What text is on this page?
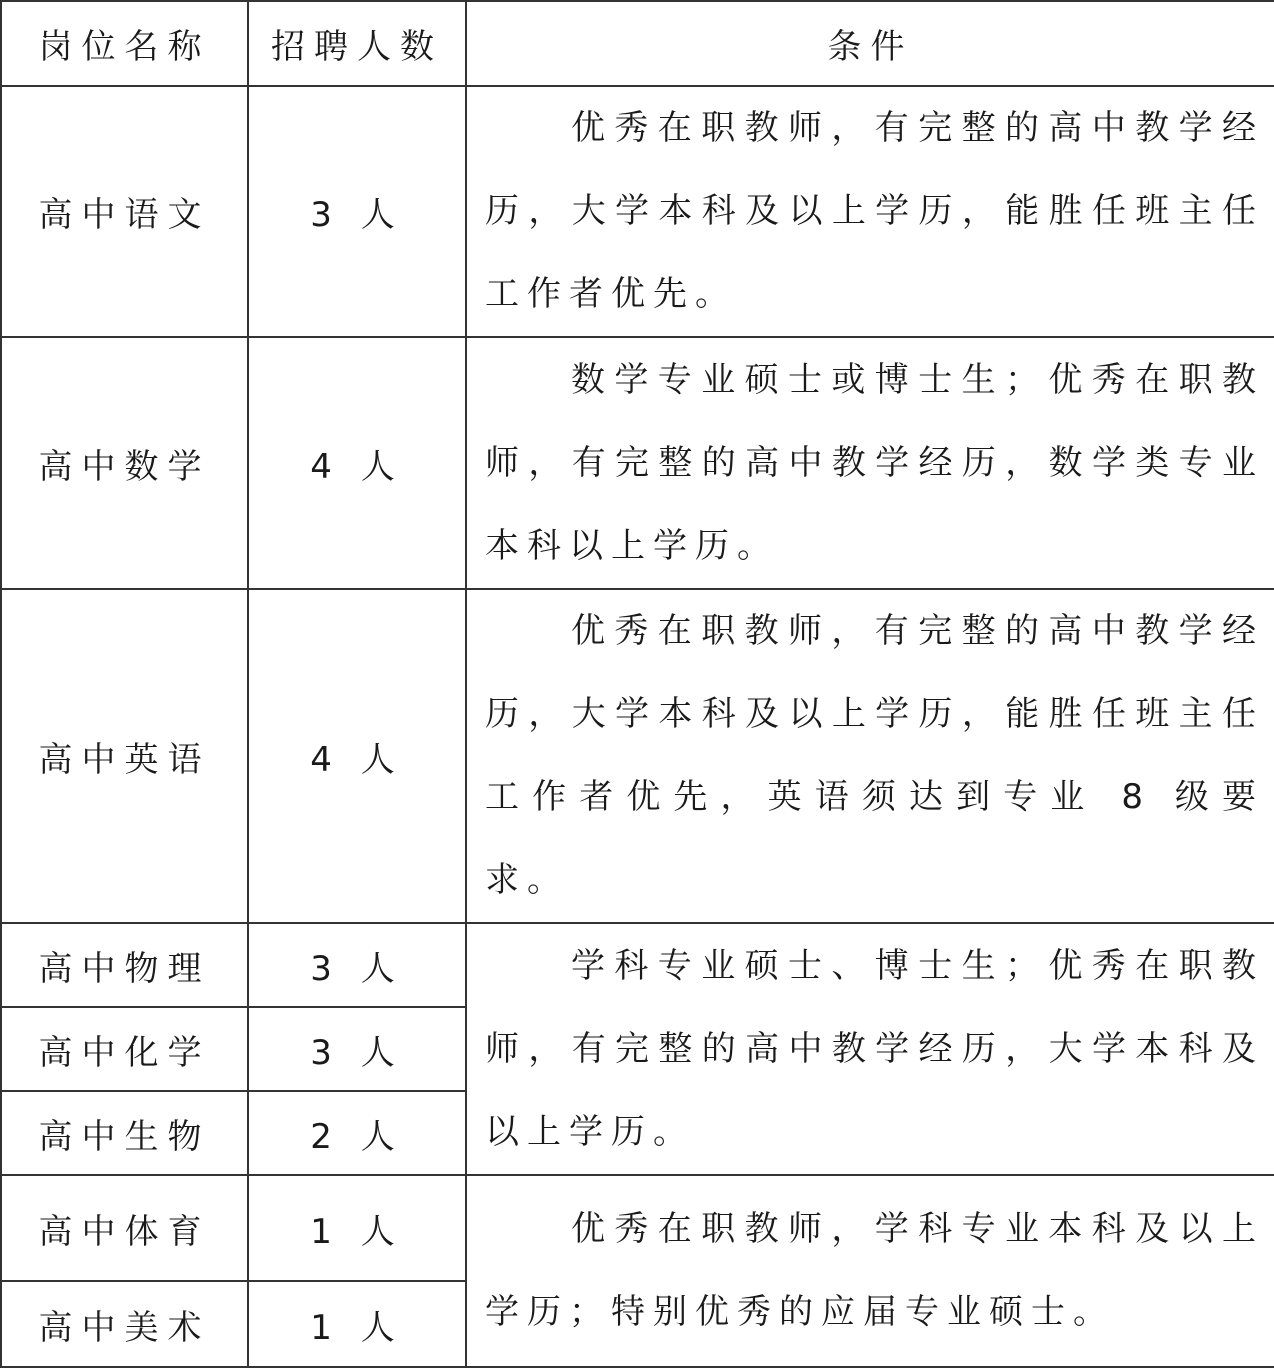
岗位名称	招聘人数	条件
高中语文	3 人	优秀在职教师，有完整的高中教学经历，大学本科及以上学历，能胜任班主任工作者优先。
高中数学	4 人	数学专业硕士或博士生；优秀在职教师，有完整的高中教学经历，数学类专业本科以上学历。
高中英语	4 人	优秀在职教师，有完整的高中教学经历，大学本科及以上学历，能胜任班主任工作者优先，英语须达到专业 8 级要求。
高中物理	3 人	学科专业硕士、博士生；优秀在职教师，有完整的高中教学经历，大学本科及以上学历。
高中化学	3 人	
高中生物	2 人	
高中体育	1 人	优秀在职教师，学科专业本科及以上学历；特别优秀的应届专业硕士。
高中美术	1 人	
